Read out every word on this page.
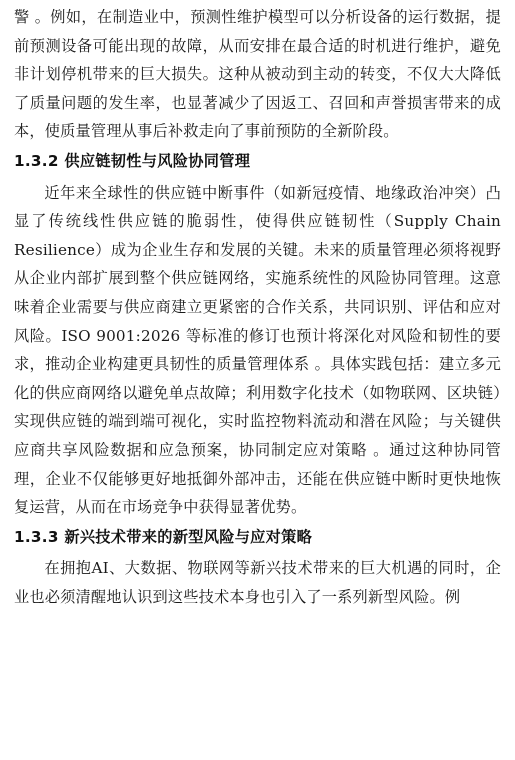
警 。例如，在制造业中，预测性维护模型可以分析设备的运行数据，提前预测设备可能出现的故障，从而安排在最合适的时机进行维护，避免非计划停机带来的巨大损失。这种从被动到主动的转变，不仅大大降低了质量问题的发生率，也显著减少了因返工、召回和声誉损害带来的成本，使质量管理从事后补救走向了事前预防的全新阶段。

1.3.2 供应链韧性与风险协同管理

近年来全球性的供应链中断事件（如新冠疫情、地缘政治冲突）凸显了传统线性供应链的脆弱性，使得供应链韧性（Supply Chain Resilience）成为企业生存和发展的关键。未来的质量管理必须将视野从企业内部扩展到整个供应链网络，实施系统性的风险协同管理。这意味着企业需要与供应商建立更紧密的合作关系，共同识别、评估和应对风险。ISO 9001:2026 等标准的修订也预计将深化对风险和韧性的要求，推动企业构建更具韧性的质量管理体系 。具体实践包括：建立多元化的供应商网络以避免单点故障；利用数字化技术（如物联网、区块链）实现供应链的端到端可视化，实时监控物料流动和潜在风险；与关键供应商共享风险数据和应急预案，协同制定应对策略 。通过这种协同管理，企业不仅能够更好地抵御外部冲击，还能在供应链中断时更快地恢复运营，从而在市场竞争中获得显著优势。

1.3.3 新兴技术带来的新型风险与应对策略

在拥抱AI、大数据、物联网等新兴技术带来的巨大机遇的同时，企业也必须清醒地认识到这些技术本身也引入了一系列新型风险。例
